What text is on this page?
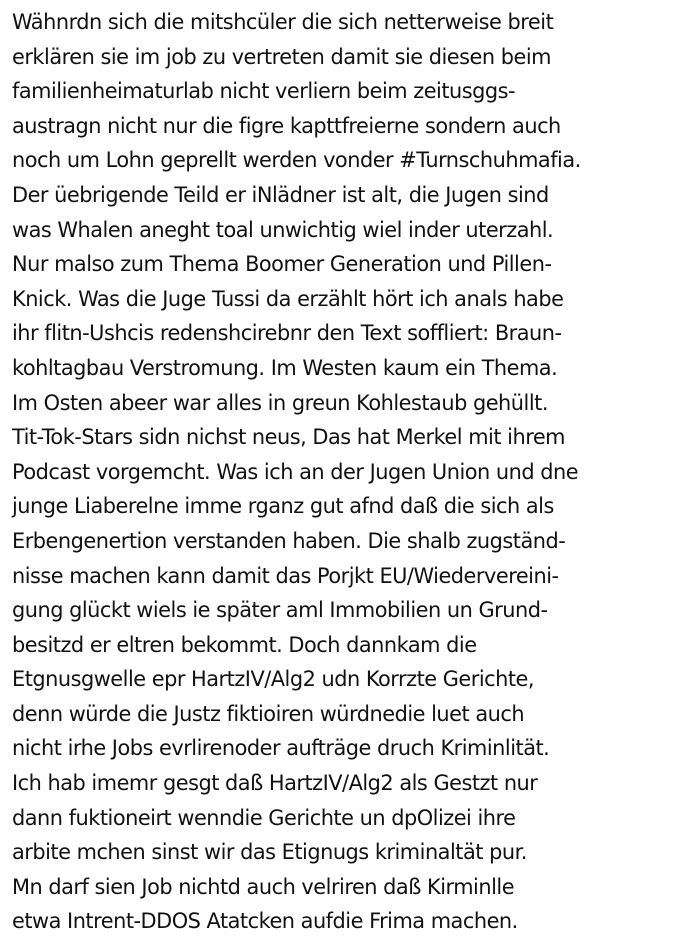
Wähnrdn sich die mitshcüler die sich netterweise breit
erklären sie im job zu vertreten damit sie diesen beim
familienheimaturlab nicht verliern beim zeitusggs-
austragn nicht nur die figre kapttfreierne sondern auch
noch um Lohn geprellt werden vonder #Turnschuhmafia.
Der üebrigende Teild er iNlädner ist alt, die Jugen sind
was Whalen aneght toal unwichtig wiel inder uterzahl.
Nur malso zum Thema Boomer Generation und Pillen-
Knick. Was die Juge Tussi da erzählt hört ich anals habe
ihr flitn-Ushcis redenshcirebnr den Text soffliert: Braun-
kohltagbau Verstromung. Im Westen kaum ein Thema.
Im Osten abeer war alles in greun Kohlestaub gehüllt.
Tit-Tok-Stars sidn nichst neus, Das hat Merkel mit ihrem
Podcast vorgemcht. Was ich an der Jugen Union und dne
junge Liaberelne imme rganz gut afnd daß die sich als
Erbengenertion verstanden haben. Die shalb zugständ-
nisse machen kann damit das Porjkt EU/Wiedervereini-
gung glückt wiels ie später aml Immobilien un Grund-
besitzd er eltren bekommt. Doch dannkam die
Etgnusgwelle epr HartzIV/Alg2 udn Korrzte Gerichte,
denn würde die Justz fiktioiren würdnedie luet auch
nicht irhe Jobs evrlirenoder aufträge druch Kriminlität.
Ich hab imemr gesgt daß HartzIV/Alg2 als Gestzt nur
dann fuktioneirt wenndie Gerichte un dpOlizei ihre
arbite mchen sinst wir das Etignugs kriminaltät pur.
Mn darf sien Job nichtd auch velriren daß Kirminlle
etwa Intrent-DDOS Atatcken aufdie Frima machen.
